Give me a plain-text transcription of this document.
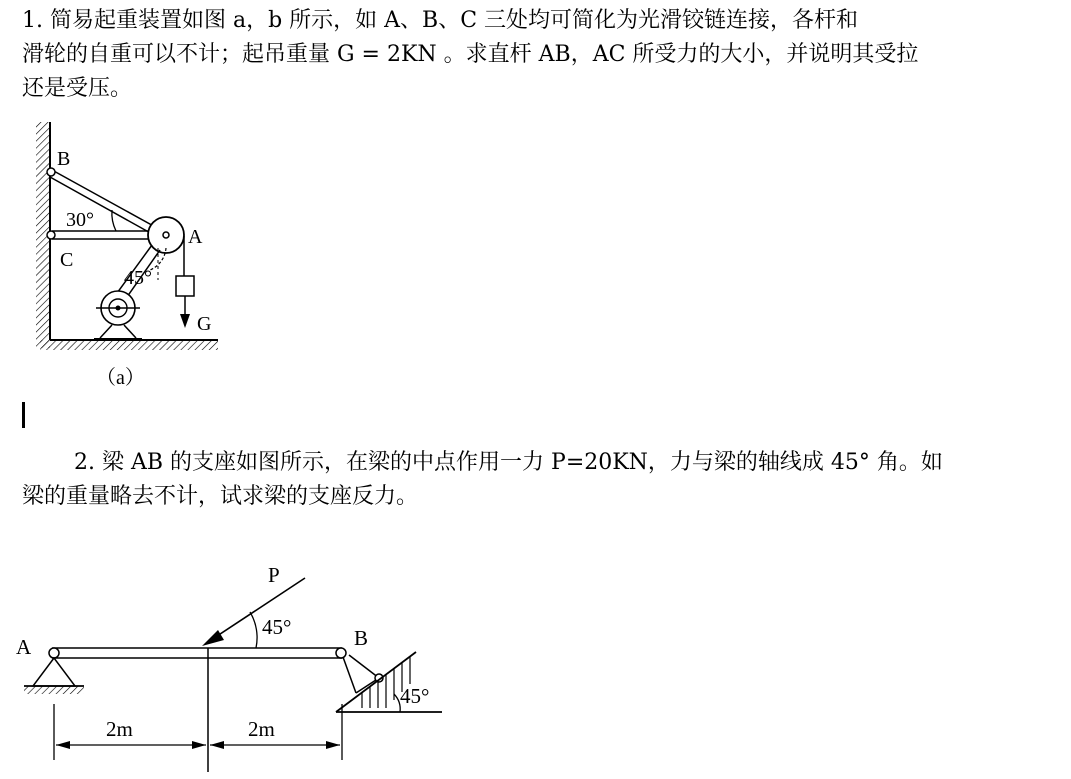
1. 简易起重装置如图 a，b 所示，如 A、B、C 三处均可简化为光滑铰链连接，各杆和
滑轮的自重可以不计；起吊重量 G = 2KN 。求直杆 AB，AC 所受力的大小，并说明其受拉
还是受压。

B
30°
A
C
45°
G
（a）

2. 梁 AB 的支座如图所示，在梁的中点作用一力 P=20KN，力与梁的轴线成 45° 角。如
梁的重量略去不计，试求梁的支座反力。

P
45°
A	B
45°
2m	2m
